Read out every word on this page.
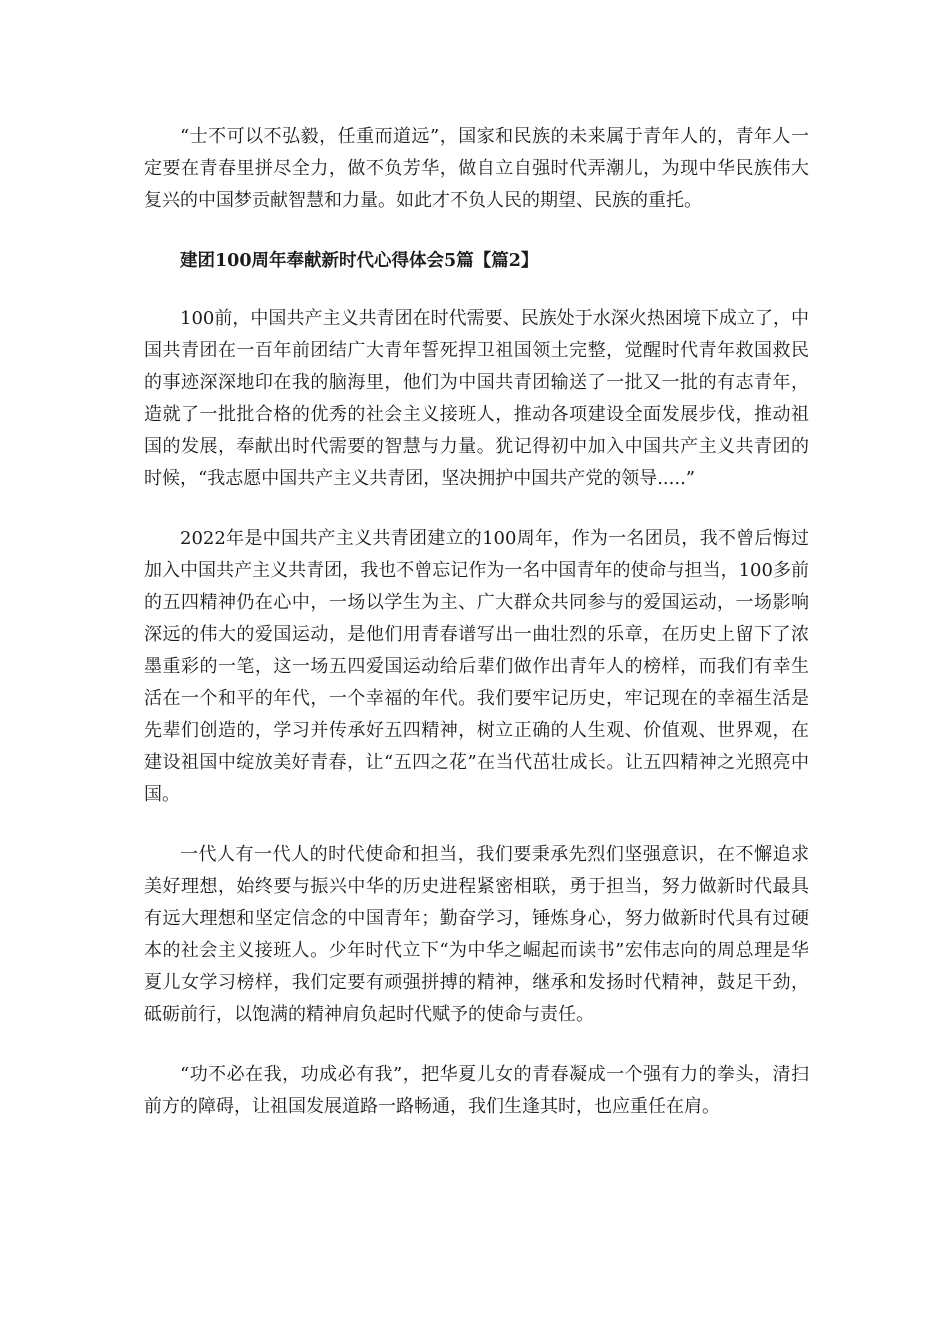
“士不可以不弘毅，任重而道远”，国家和民族的未来属于青年人的，青年人一定要在青春里拼尽全力，做不负芳华，做自立自强时代弄潮儿，为现中华民族伟大复兴的中国梦贡献智慧和力量。如此才不负人民的期望、民族的重托。

建团100周年奉献新时代心得体会5篇【篇2】

100前，中国共产主义共青团在时代需要、民族处于水深火热困境下成立了，中国共青团在一百年前团结广大青年誓死捍卫祖国领土完整，觉醒时代青年救国救民的事迹深深地印在我的脑海里，他们为中国共青团输送了一批又一批的有志青年，造就了一批批合格的优秀的社会主义接班人，推动各项建设全面发展步伐，推动祖国的发展，奉献出时代需要的智慧与力量。犹记得初中加入中国共产主义共青团的时候，“我志愿中国共产主义共青团，坚决拥护中国共产党的领导.....”

2022年是中国共产主义共青团建立的100周年，作为一名团员，我不曾后悔过加入中国共产主义共青团，我也不曾忘记作为一名中国青年的使命与担当，100多前的五四精神仍在心中，一场以学生为主、广大群众共同参与的爱国运动，一场影响深远的伟大的爱国运动，是他们用青春谱写出一曲壮烈的乐章，在历史上留下了浓墨重彩的一笔，这一场五四爱国运动给后辈们做作出青年人的榜样，而我们有幸生活在一个和平的年代，一个幸福的年代。我们要牢记历史，牢记现在的幸福生活是先辈们创造的，学习并传承好五四精神，树立正确的人生观、价值观、世界观，在建设祖国中绽放美好青春，让“五四之花”在当代茁壮成长。让五四精神之光照亮中国。

一代人有一代人的时代使命和担当，我们要秉承先烈们坚强意识，在不懈追求美好理想，始终要与振兴中华的历史进程紧密相联，勇于担当，努力做新时代最具有远大理想和坚定信念的中国青年；勤奋学习，锤炼身心，努力做新时代具有过硬本的社会主义接班人。少年时代立下“为中华之崛起而读书”宏伟志向的周总理是华夏儿女学习榜样，我们定要有顽强拼搏的精神，继承和发扬时代精神，鼓足干劲，砥砺前行，以饱满的精神肩负起时代赋予的使命与责任。

“功不必在我，功成必有我”，把华夏儿女的青春凝成一个强有力的拳头，清扫前方的障碍，让祖国发展道路一路畅通，我们生逢其时，也应重任在肩。
